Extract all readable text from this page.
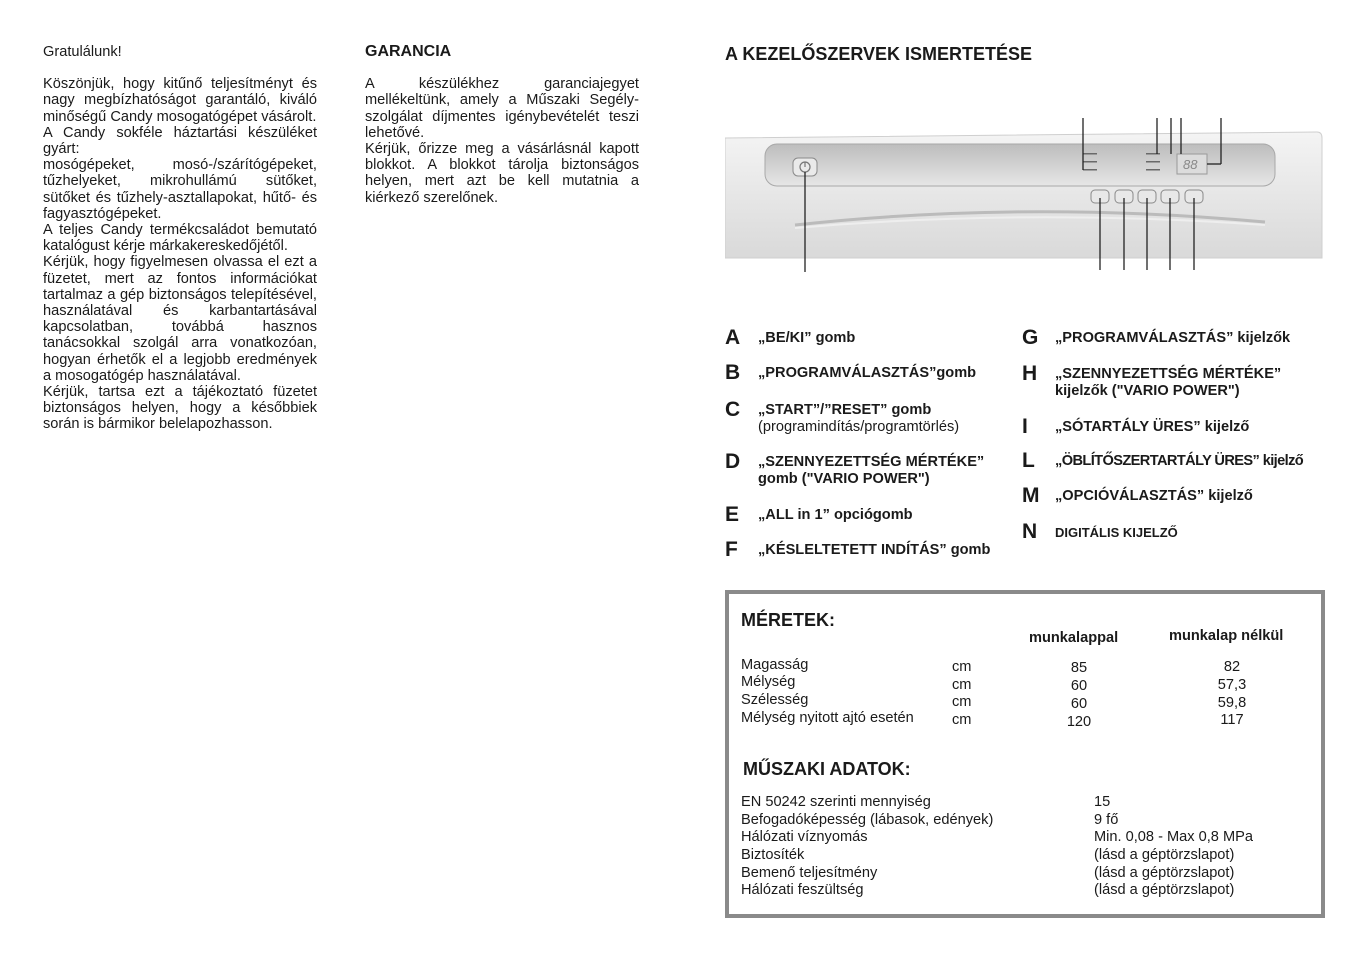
Gratulálunk!

Köszönjük, hogy kitűnő teljesítményt és nagy megbízhatóságot garantáló, kiváló minőségű Candy mosogatógépet vásárolt.

A Candy sokféle háztartási készüléket gyárt:

mosógépeket, mosó-/szárítógépeket, tűzhelyeket, mikrohullámú sütőket, sütőket és tűzhely-asztallapokat, hűtő- és fagyasztógépeket.

A teljes Candy termékcsaládot bemutató katalógust kérje márkakereskedőjétől.

Kérjük, hogy figyelmesen olvassa el ezt a füzetet, mert az fontos információkat tartalmaz a gép biztonságos telepítésével, használatával és karbantartásával kapcsolatban, továbbá hasznos tanácsokkal szolgál arra vonatkozóan, hogyan érhetők el a legjobb eredmények a mosogatógép használatával.

Kérjük, tartsa ezt a tájékoztató füzetet biztonságos helyen, hogy a későbbiek során is bármikor belelapozhasson.

GARANCIA

A készülékhez garanciajegyet mellékeltünk, amely a Műszaki Segély-szolgálat díjmentes igénybevételét teszi lehetővé.

Kérjük, őrizze meg a vásárlásnál kapott blokkot. A blokkot tárolja biztonságos helyen, mert azt be kell mutatnia a kiérkező szerelőnek.

A KEZELŐSZERVEK ISMERTETÉSE
88
A „BE/KI” gomb
B „PROGRAMVÁLASZTÁS”gomb
C „START”/”RESET” gomb
(programindítás/programtörlés)
D „SZENNYEZETTSÉG MÉRTÉKE” gomb ("VARIO POWER")
E „ALL in 1” opciógomb
F „KÉSLELTETETT INDÍTÁS” gomb
G „PROGRAMVÁLASZTÁS” kijelzők
H „SZENNYEZETTSÉG MÉRTÉKE” kijelzők ("VARIO POWER")
I „SÓTARTÁLY ÜRES” kijelző
L „ÖBLÍTŐSZERTARTÁLY ÜRES” kijelző
M „OPCIÓVÁLASZTÁS” kijelző
N DIGITÁLIS KIJELZŐ
MÉRETEK:
munkalappal	munkalap nélkül
Magasság
Mélység
Szélesség
Mélység nyitott ajtó esetén
cm
cm
cm
cm
85
60
60
120
82
57,3
59,8
117
MŰSZAKI ADATOK:
EN 50242 szerinti mennyiség
Befogadóképesség (lábasok, edények)
Hálózati víznyomás
Biztosíték
Bemenő teljesítmény
Hálózati feszültség
15
9 fő
Min. 0,08 - Max 0,8 MPa
(lásd a géptörzslapot)
(lásd a géptörzslapot)
(lásd a géptörzslapot)
